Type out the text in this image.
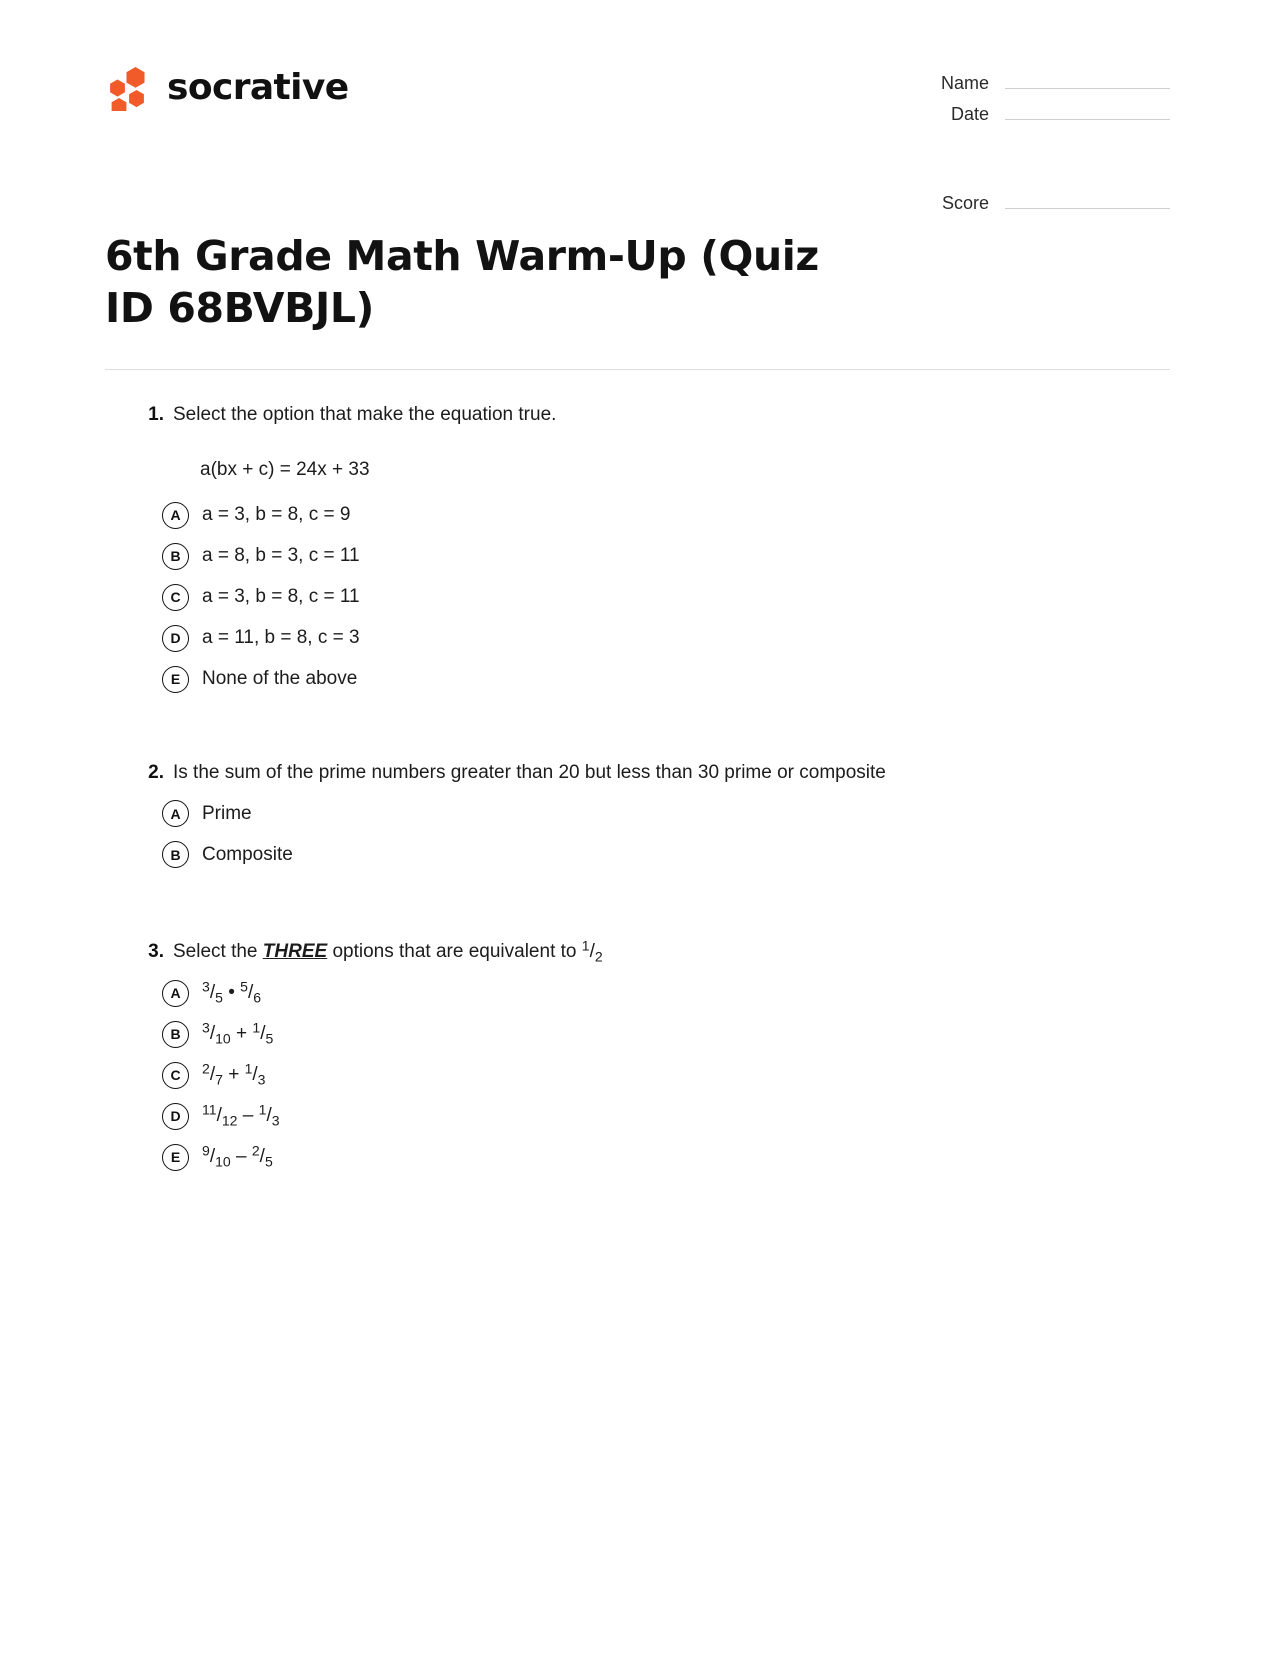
socrative	Name
Date
Score
6th Grade Math Warm-Up (Quiz ID 68BVBJL)
1. Select the option that make the equation true.
a(bx + c) = 24x + 33
A	a = 3, b = 8, c = 9
B	a = 8, b = 3, c = 11
C	a = 3, b = 8, c = 11
D	a = 11, b = 8, c = 3
E	None of the above
2. Is the sum of the prime numbers greater than 20 but less than 30 prime or composite
A	Prime
B	Composite
3. Select the THREE options that are equivalent to $^1/_2$
A	$^3/_5$ • $^5/_6$
B	$^3/_{10} + ^1/_5$
C	$^2/_7 + ^1/_3$
D	$^{11}/_{12} - ^1/_3$
E	$^9/_{10} - ^2/_5$
